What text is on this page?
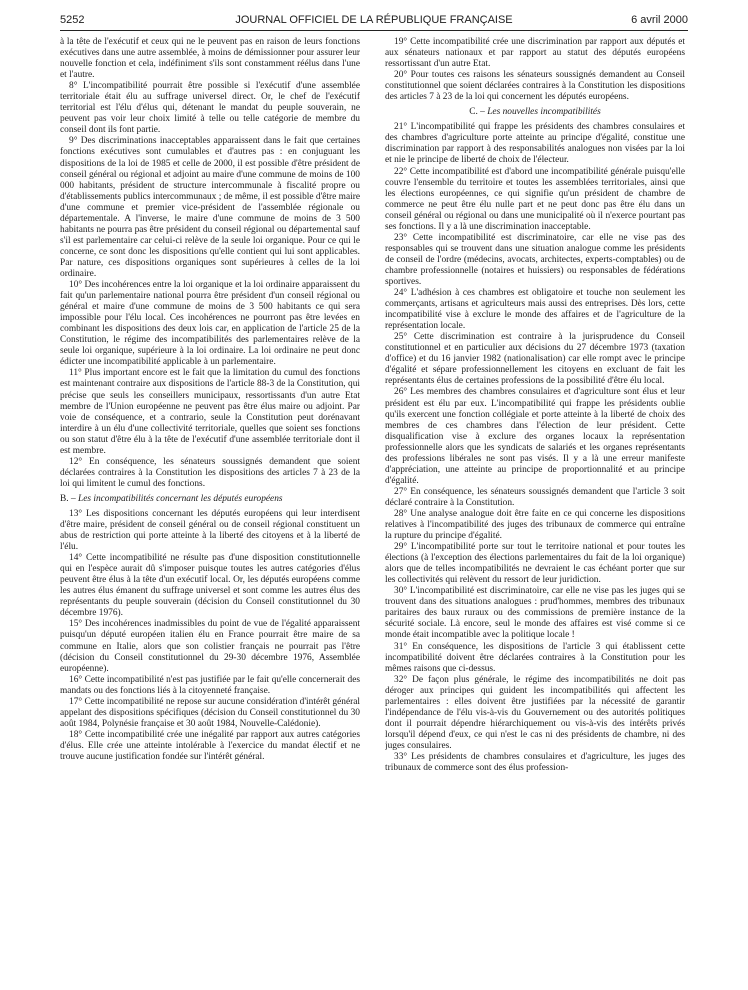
5252	JOURNAL OFFICIEL DE LA RÉPUBLIQUE FRANÇAISE	6 avril 2000

à la tête de l'exécutif et ceux qui ne le peuvent pas en raison de leurs fonctions exécutives dans une autre assemblée, à moins de démissionner pour assurer leur nouvelle fonction et cela, indéfiniment s'ils sont constamment réélus dans l'une et l'autre.

8° L'incompatibilité pourrait être possible si l'exécutif d'une assemblée territoriale était élu au suffrage universel direct. Or, le chef de l'exécutif territorial est l'élu d'élus qui, détenant le mandat du peuple souverain, ne peuvent pas voir leur choix limité à telle ou telle catégorie de membre du conseil dont ils font partie.

9° Des discriminations inacceptables apparaissent dans le fait que certaines fonctions exécutives sont cumulables et d'autres pas : en conjuguant les dispositions de la loi de 1985 et celle de 2000, il est possible d'être président de conseil général ou régional et adjoint au maire d'une commune de moins de 100 000 habitants, président de structure intercommunale à fiscalité propre ou d'établissements publics intercommunaux ; de même, il est possible d'être maire d'une commune et premier vice-président de l'assemblée régionale ou départementale. A l'inverse, le maire d'une commune de moins de 3 500 habitants ne pourra pas être président du conseil régional ou départemental sauf s'il est parlementaire car celui-ci relève de la seule loi organique. Pour ce qui le concerne, ce sont donc les dispositions qu'elle contient qui lui sont applicables. Par nature, ces dispositions organiques sont supérieures à celles de la loi ordinaire.

10° Des incohérences entre la loi organique et la loi ordinaire apparaissent du fait qu'un parlementaire national pourra être président d'un conseil régional ou général et maire d'une commune de moins de 3 500 habitants ce qui sera impossible pour l'élu local. Ces incohérences ne pourront pas être levées en combinant les dispositions des deux lois car, en application de l'article 25 de la Constitution, le régime des incompatibilités des parlementaires relève de la seule loi organique, supérieure à la loi ordinaire. La loi ordinaire ne peut donc édicter une incompatibilité applicable à un parlementaire.

11° Plus important encore est le fait que la limitation du cumul des fonctions est maintenant contraire aux dispositions de l'article 88-3 de la Constitution, qui précise que seuls les conseillers municipaux, ressortissants d'un autre Etat membre de l'Union européenne ne peuvent pas être élus maire ou adjoint. Par voie de conséquence, et a contrario, seule la Constitution peut dorénavant interdire à un élu d'une collectivité territoriale, quelles que soient ses fonctions ou son statut d'être élu à la tête de l'exécutif d'une assemblée territoriale dont il est membre.

12° En conséquence, les sénateurs soussignés demandent que soient déclarées contraires à la Constitution les dispositions des articles 7 à 23 de la loi qui limitent le cumul des fonctions.

B. – Les incompatibilités concernant les députés européens

13° Les dispositions concernant les députés européens qui leur interdisent d'être maire, président de conseil général ou de conseil régional constituent un abus de restriction qui porte atteinte à la liberté des citoyens et à la liberté de l'élu.

14° Cette incompatibilité ne résulte pas d'une disposition constitutionnelle qui en l'espèce aurait dû s'imposer puisque toutes les autres catégories d'élus peuvent être élus à la tête d'un exécutif local. Or, les députés européens comme les autres élus émanent du suffrage universel et sont comme les autres élus des représentants du peuple souverain (décision du Conseil constitutionnel du 30 décembre 1976).

15° Des incohérences inadmissibles du point de vue de l'égalité apparaissent puisqu'un député européen italien élu en France pourrait être maire de sa commune en Italie, alors que son colistier français ne pourrait pas l'être (décision du Conseil constitutionnel du 29-30 décembre 1976, Assemblée européenne).

16° Cette incompatibilité n'est pas justifiée par le fait qu'elle concernerait des mandats ou des fonctions liés à la citoyenneté française.

17° Cette incompatibilité ne repose sur aucune considération d'intérêt général appelant des dispositions spécifiques (décision du Conseil constitutionnel du 30 août 1984, Polynésie française et 30 août 1984, Nouvelle-Calédonie).

18° Cette incompatibilité crée une inégalité par rapport aux autres catégories d'élus. Elle crée une atteinte intolérable à l'exercice du mandat électif et ne trouve aucune justification fondée sur l'intérêt général.

19° Cette incompatibilité crée une discrimination par rapport aux députés et aux sénateurs nationaux et par rapport au statut des députés européens ressortissant d'un autre Etat.

20° Pour toutes ces raisons les sénateurs soussignés demandent au Conseil constitutionnel que soient déclarées contraires à la Constitution les dispositions des articles 7 à 23 de la loi qui concernent les députés européens.

C. – Les nouvelles incompatibilités

21° L'incompatibilité qui frappe les présidents des chambres consulaires et des chambres d'agriculture porte atteinte au principe d'égalité, constitue une discrimination par rapport à des responsabilités analogues non visées par la loi et nie le principe de liberté de choix de l'électeur.

22° Cette incompatibilité est d'abord une incompatibilité générale puisqu'elle couvre l'ensemble du territoire et toutes les assemblées territoriales, ainsi que les élections européennes, ce qui signifie qu'un président de chambre de commerce ne peut être élu nulle part et ne peut donc pas être élu dans un conseil général ou régional ou dans une municipalité où il n'exerce pourtant pas ses fonctions. Il y a là une discrimination inacceptable.

23° Cette incompatibilité est discriminatoire, car elle ne vise pas des responsables qui se trouvent dans une situation analogue comme les présidents de conseil de l'ordre (médecins, avocats, architectes, experts-comptables) ou de chambre professionnelle (notaires et huissiers) ou responsables de fédérations sportives.

24° L'adhésion à ces chambres est obligatoire et touche non seulement les commerçants, artisans et agriculteurs mais aussi des entreprises. Dès lors, cette incompatibilité vise à exclure le monde des affaires et de l'agriculture de la représentation locale.

25° Cette discrimination est contraire à la jurisprudence du Conseil constitutionnel et en particulier aux décisions du 27 décembre 1973 (taxation d'office) et du 16 janvier 1982 (nationalisation) car elle rompt avec le principe d'égalité et sépare professionnellement les citoyens en excluant de fait les représentants élus de certaines professions de la possibilité d'être élu local.

26° Les membres des chambres consulaires et d'agriculture sont élus et leur président est élu par eux. L'incompatibilité qui frappe les présidents oublie qu'ils exercent une fonction collégiale et porte atteinte à la liberté de choix des membres de ces chambres dans l'élection de leur président. Cette disqualification vise à exclure des organes locaux la représentation professionnelle alors que les syndicats de salariés et les organes représentants des professions libérales ne sont pas visés. Il y a là une erreur manifeste d'appréciation, une atteinte au principe de proportionnalité et au principe d'égalité.

27° En conséquence, les sénateurs soussignés demandent que l'article 3 soit déclaré contraire à la Constitution.

28° Une analyse analogue doit être faite en ce qui concerne les dispositions relatives à l'incompatibilité des juges des tribunaux de commerce qui entraîne la rupture du principe d'égalité.

29° L'incompatibilité porte sur tout le territoire national et pour toutes les élections (à l'exception des élections parlementaires du fait de la loi organique) alors que de telles incompatibilités ne devraient le cas échéant porter que sur les collectivités qui relèvent du ressort de leur juridiction.

30° L'incompatibilité est discriminatoire, car elle ne vise pas les juges qui se trouvent dans des situations analogues : prud'hommes, membres des tribunaux paritaires des baux ruraux ou des commissions de première instance de la sécurité sociale. Là encore, seul le monde des affaires est visé comme si ce monde était incompatible avec la politique locale !

31° En conséquence, les dispositions de l'article 3 qui établissent cette incompatibilité doivent être déclarées contraires à la Constitution pour les mêmes raisons que ci-dessus.

32° De façon plus générale, le régime des incompatibilités ne doit pas déroger aux principes qui guident les incompatibilités qui affectent les parlementaires : elles doivent être justifiées par la nécessité de garantir l'indépendance de l'élu vis-à-vis du Gouvernement ou des autorités politiques dont il pourrait dépendre hiérarchiquement ou vis-à-vis des intérêts privés lorsqu'il dépend d'eux, ce qui n'est le cas ni des présidents de chambre, ni des juges consulaires.

33° Les présidents de chambres consulaires et d'agriculture, les juges des tribunaux de commerce sont des élus profession-
